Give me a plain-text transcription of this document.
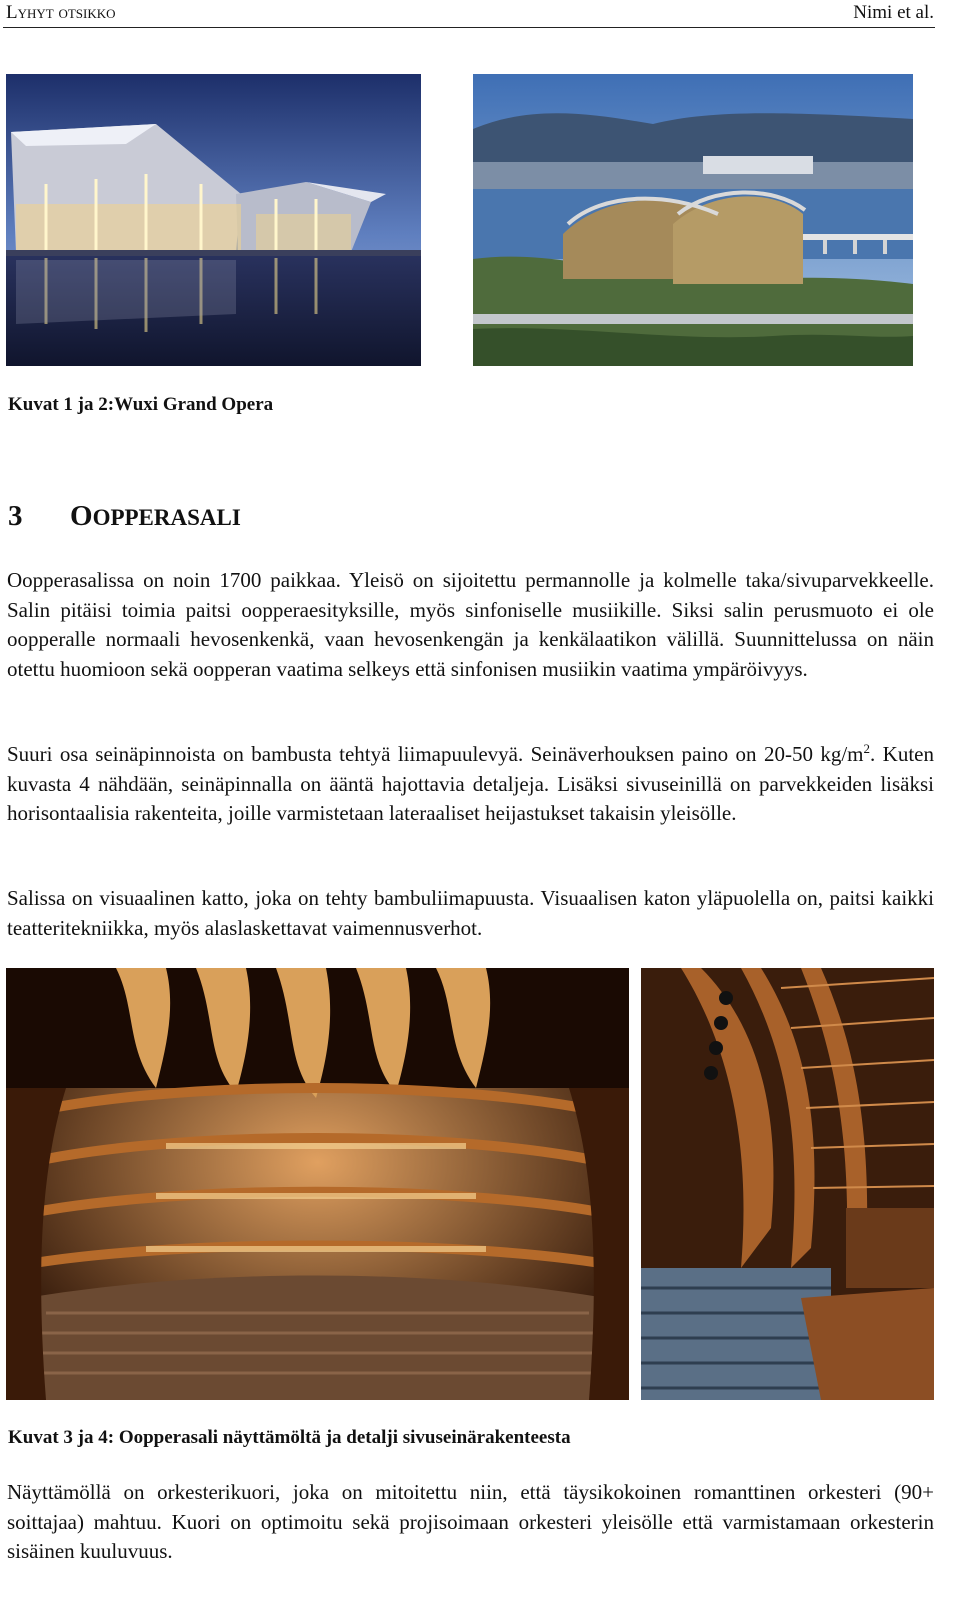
Lyhyt otsikko	Nimi et al.
Kuvat 1 ja 2:Wuxi Grand Opera
3 OOPPERASALI
Oopperasalissa on noin 1700 paikkaa. Yleisö on sijoitettu permannolle ja kolmelle taka/sivuparvekkeelle. Salin pitäisi toimia paitsi oopperaesityksille, myös sinfoniselle musiikille. Siksi salin perusmuoto ei ole oopperalle normaali hevosenkenkä, vaan hevosenkengän ja kenkälaatikon välillä. Suunnittelussa on näin otettu huomioon sekä oopperan vaatima selkeys että sinfonisen musiikin vaatima ympäröivyys.
Suuri osa seinäpinnoista on bambusta tehtyä liimapuulevyä. Seinäverhouksen paino on 20-50 $kg/m^2$. Kuten kuvasta 4 nähdään, seinäpinnalla on ääntä hajottavia detaljeja. Lisäksi sivuseinillä on parvekkeiden lisäksi horisontaalisia rakenteita, joille varmistetaan lateraaliset heijastukset takaisin yleisölle.
Salissa on visuaalinen katto, joka on tehty bambuliimapuusta. Visuaalisen katon yläpuolella on, paitsi kaikki teatteritekniikka, myös alaslaskettavat vaimennusverhot.
Kuvat 3 ja 4: Oopperasali näyttämöltä ja detalji sivuseinärakenteesta
Näyttämöllä on orkesterikuori, joka on mitoitettu niin, että täysikokoinen romanttinen orkesteri (90+ soittajaa) mahtuu. Kuori on optimoitu sekä projisoimaan orkesteri yleisölle että varmistamaan orkesterin sisäinen kuuluvuus.
